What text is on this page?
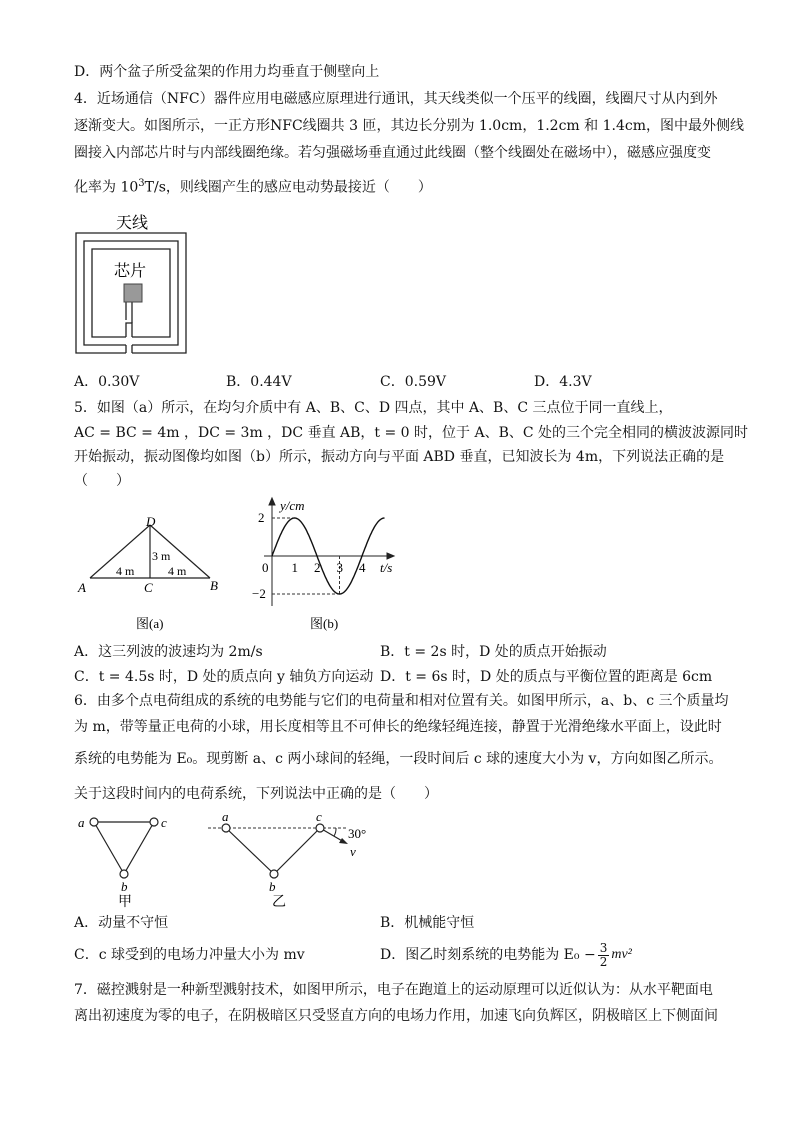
D．两个盆子所受盆架的作用力均垂直于侧壁向上
4．近场通信（NFC）器件应用电磁感应原理进行通讯，其天线类似一个压平的线圈，线圈尺寸从内到外
逐渐变大。如图所示，一正方形NFC线圈共 3 匝，其边长分别为 1.0cm，1.2cm 和 1.4cm，图中最外侧线
圈接入内部芯片时与内部线圈绝缘。若匀强磁场垂直通过此线圈（整个线圈处在磁场中），磁感应强度变
化率为 $10^3T/s$，则线圈产生的感应电动势最接近（　　）
天线
芯片
A．0.30V	B．0.44V	C．0.59V	D．4.3V
5．如图（a）所示，在均匀介质中有 A、B、C、D 四点，其中 A、B、C 三点位于同一直线上，
AC = BC = 4m ，DC = 3m ，DC 垂直 AB，t = 0 时，位于 A、B、C 处的三个完全相同的横波波源同时
开始振动，振动图像均如图（b）所示，振动方向与平面 ABD 垂直，已知波长为 4m，下列说法正确的是
（　　）
D
3 m
4 m	4 m
A	C	B
图(a)
y/cm
2
−2
0 1 2 3 4 t/s
图(b)
A．这三列波的波速均为 2m/s	B．t = 2s 时，D 处的质点开始振动
C．t = 4.5s 时，D 处的质点向 y 轴负方向运动 D．t = 6s 时，D 处的质点与平衡位置的距离是 6cm
6．由多个点电荷组成的系统的电势能与它们的电荷量和相对位置有关。如图甲所示，a、b、c 三个质量均
为 m，带等量正电荷的小球，用长度相等且不可伸长的绝缘轻绳连接，静置于光滑绝缘水平面上，设此时
系统的电势能为 E₀。现剪断 a、c 两小球间的轻绳，一段时间后 c 球的速度大小为 v，方向如图乙所示。
关于这段时间内的电荷系统，下列说法中正确的是（　　）
a	c
b
甲
a	c
b
30°
v
乙
A．动量不守恒	B．机械能守恒
C．c 球受到的电场力冲量大小为 mv	D．图乙时刻系统的电势能为 $E_0 - \frac{3}{2} mv^2$
7．磁控溅射是一种新型溅射技术，如图甲所示，电子在跑道上的运动原理可以近似认为：从水平靶面电
离出初速度为零的电子，在阴极暗区只受竖直方向的电场力作用，加速飞向负辉区，阴极暗区上下侧面间
